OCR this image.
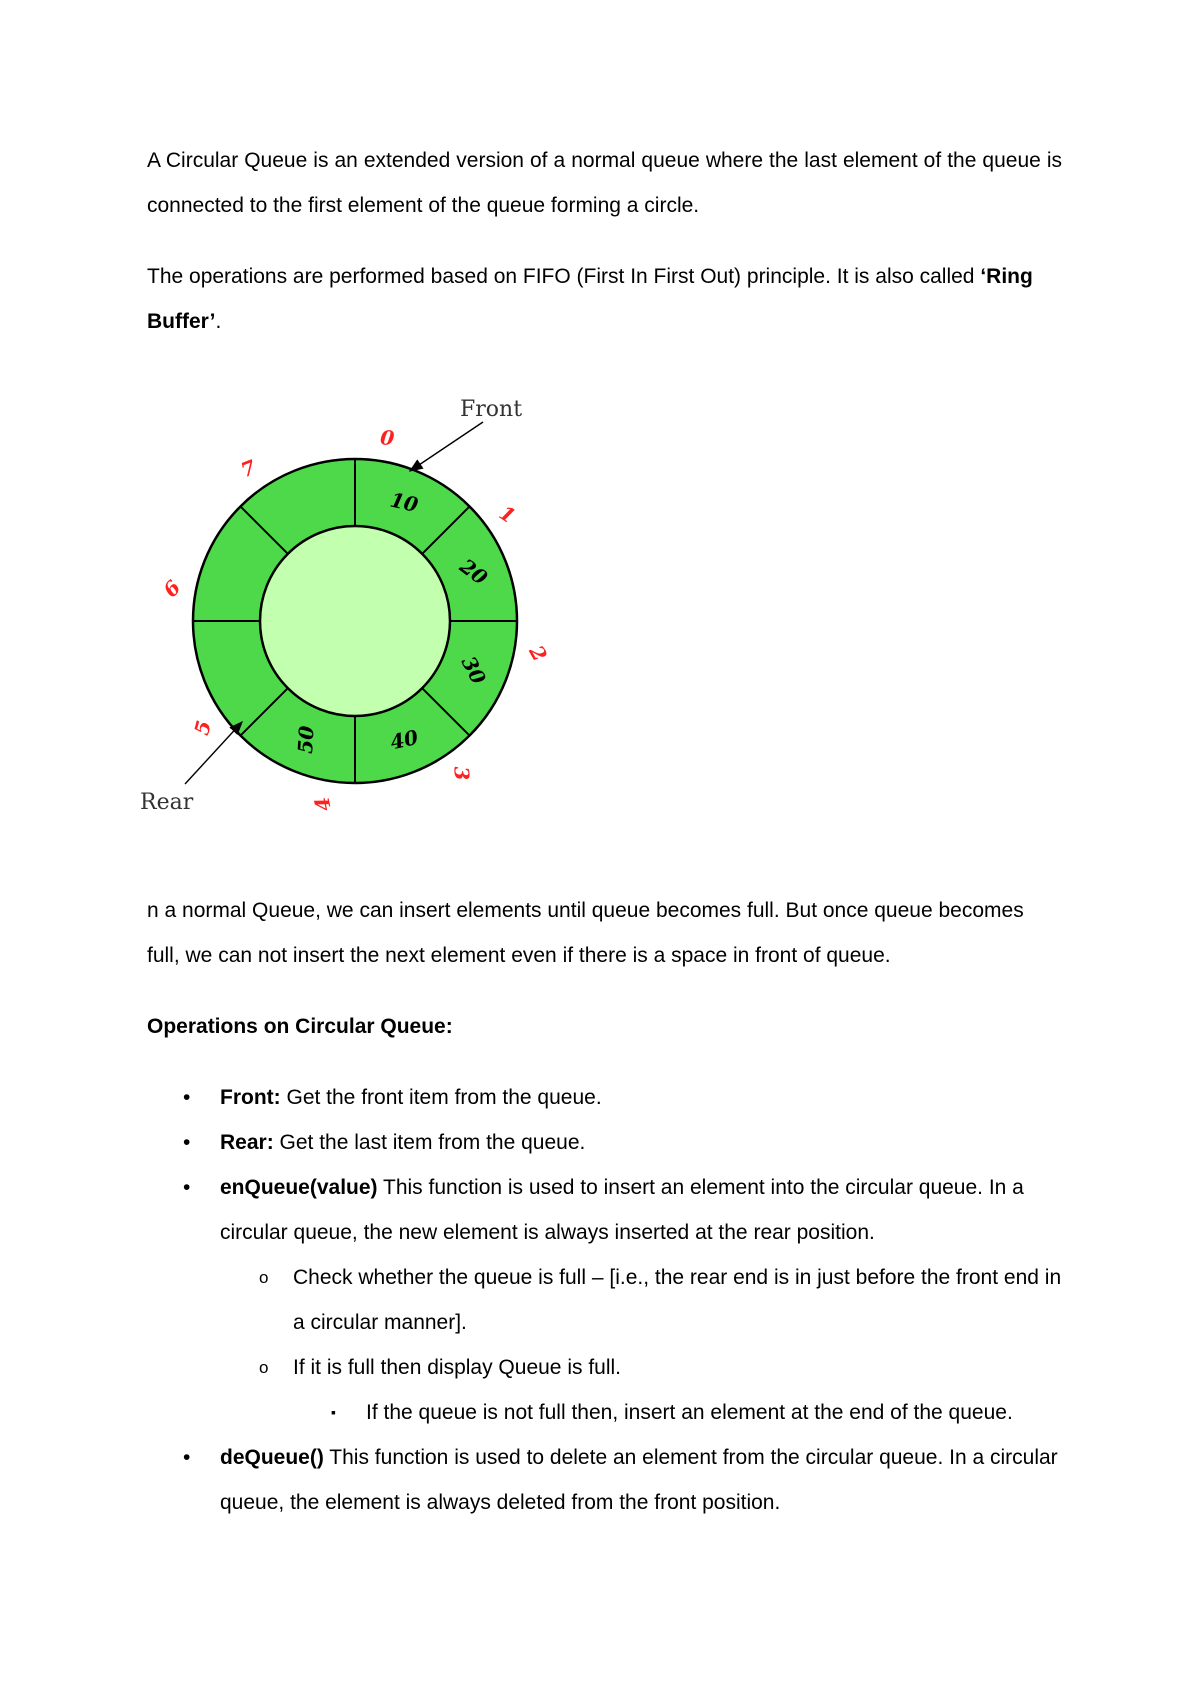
A Circular Queue is an extended version of a normal queue where the last element of the queue is connected to the first element of the queue forming a circle.

The operations are performed based on FIFO (First In First Out) principle. It is also called ‘Ring Buffer’.

10
20
30
40
50
0
1
2
3
4
5
6
7
Front
Rear

n a normal Queue, we can insert elements until queue becomes full. But once queue becomes full, we can not insert the next element even if there is a space in front of queue.

Operations on Circular Queue:

• Front: Get the front item from the queue.
• Rear: Get the last item from the queue.
• enQueue(value) This function is used to insert an element into the circular queue. In a circular queue, the new element is always inserted at the rear position.
o Check whether the queue is full – [i.e., the rear end is in just before the front end in a circular manner].
o If it is full then display Queue is full.
▪ If the queue is not full then, insert an element at the end of the queue.
• deQueue() This function is used to delete an element from the circular queue. In a circular queue, the element is always deleted from the front position.
